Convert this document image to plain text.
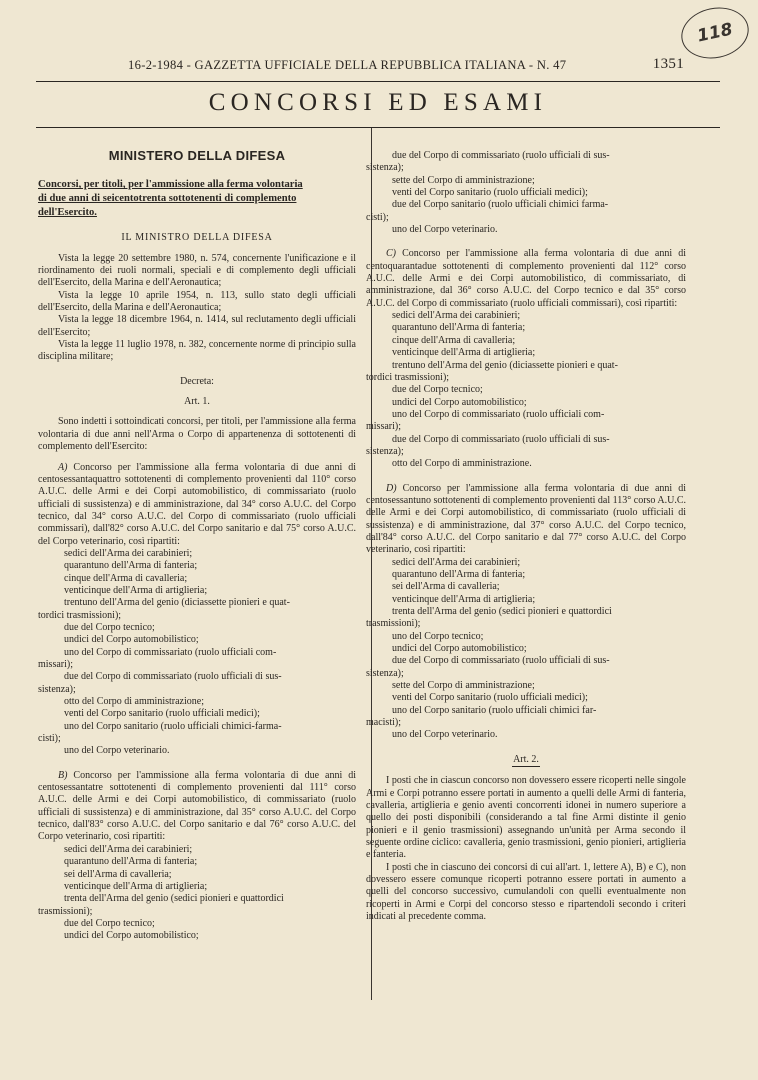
118
16-2-1984 - GAZZETTA UFFICIALE DELLA REPUBBLICA ITALIANA - N. 47	1351
CONCORSI ED ESAMI

MINISTERO DELLA DIFESA

Concorsi, per titoli, per l'ammissione alla ferma volontaria
di due anni di seicentotrenta sottotenenti di complemento
dell'Esercito.

IL MINISTRO DELLA DIFESA

Vista la legge 20 settembre 1980, n. 574, concernente l'unificazione e il riordinamento dei ruoli normali, speciali e di complemento degli ufficiali dell'Esercito, della Marina e dell'Aeronautica;

Vista la legge 10 aprile 1954, n. 113, sullo stato degli ufficiali dell'Esercito, della Marina e dell'Aeronautica;

Vista la legge 18 dicembre 1964, n. 1414, sul reclutamento degli ufficiali dell'Esercito;

Vista la legge 11 luglio 1978, n. 382, concernente norme di principio sulla disciplina militare;

Decreta:

Art. 1.

Sono indetti i sottoindicati concorsi, per titoli, per l'ammissione alla ferma volontaria di due anni nell'Arma o Corpo di appartenenza di sottotenenti di complemento dell'Esercito:

A) Concorso per l'ammissione alla ferma volontaria di due anni di centosessantaquattro sottotenenti di complemento provenienti dal 110° corso A.U.C. delle Armi e dei Corpi automobilistico, di commissariato (ruolo ufficiali di sussistenza) e di amministrazione, dal 34° corso A.U.C. del Corpo tecnico, dal 34° corso A.U.C. del Corpo di commissariato (ruolo ufficiali commissari), dall'82° corso A.U.C. del Corpo sanitario e dal 75° corso A.U.C. del Corpo veterinario, così ripartiti:

sedici dell'Arma dei carabinieri;

quarantuno dell'Arma di fanteria;

cinque dell'Arma di cavalleria;

venticinque dell'Arma di artiglieria;

trentuno dell'Arma del genio (diciassette pionieri e quat-
tordici trasmissioni);

due del Corpo tecnico;

undici del Corpo automobilistico;

uno del Corpo di commissariato (ruolo ufficiali com-
missari);

due del Corpo di commissariato (ruolo ufficiali di sus-
sistenza);

otto del Corpo di amministrazione;

venti del Corpo sanitario (ruolo ufficiali medici);

uno del Corpo sanitario (ruolo ufficiali chimici-farma-
cisti);

uno del Corpo veterinario.

B) Concorso per l'ammissione alla ferma volontaria di due anni di centosessantatre sottotenenti di complemento provenienti dal 111° corso A.U.C. delle Armi e dei Corpi automobilistico, di commissariato (ruolo ufficiali di sussistenza) e di amministrazione, dal 35° corso A.U.C. del Corpo tecnico, dall'83° corso A.U.C. del Corpo sanitario e dal 76° corso A.U.C. del Corpo veterinario, così ripartiti:

sedici dell'Arma dei carabinieri;

quarantuno dell'Arma di fanteria;

sei dell'Arma di cavalleria;

venticinque dell'Arma di artiglieria;

trenta dell'Arma del genio (sedici pionieri e quattordici
trasmissioni);

due del Corpo tecnico;

undici del Corpo automobilistico;

due del Corpo di commissariato (ruolo ufficiali di sus-
sistenza);

sette del Corpo di amministrazione;

venti del Corpo sanitario (ruolo ufficiali medici);

due del Corpo sanitario (ruolo ufficiali chimici farma-
cisti);

uno del Corpo veterinario.

C) Concorso per l'ammissione alla ferma volontaria di due anni di centoquarantadue sottotenenti di complemento provenienti dal 112° corso A.U.C. delle Armi e dei Corpi automobilistico, di commissariato, di amministrazione, dal 36° corso A.U.C. del Corpo tecnico e dal 35° corso A.U.C. del Corpo di commissariato (ruolo ufficiali commissari), così ripartiti:

sedici dell'Arma dei carabinieri;

quarantuno dell'Arma di fanteria;

cinque dell'Arma di cavalleria;

venticinque dell'Arma di artiglieria;

trentuno dell'Arma del genio (diciassette pionieri e quat-
tordici trasmissioni);

due del Corpo tecnico;

undici del Corpo automobilistico;

uno del Corpo di commissariato (ruolo ufficiali com-
missari);

due del Corpo di commissariato (ruolo ufficiali di sus-
sistenza);

otto del Corpo di amministrazione.

D) Concorso per l'ammissione alla ferma volontaria di due anni di centosessantuno sottotenenti di complemento provenienti dal 113° corso A.U.C. delle Armi e dei Corpi automobilistico, di commissariato (ruolo ufficiali di sussistenza) e di amministrazione, dal 37° corso A.U.C. del Corpo tecnico, dall'84° corso A.U.C. del Corpo sanitario e dal 77° corso A.U.C. del Corpo veterinario, così ripartiti:

sedici dell'Arma dei carabinieri;

quarantuno dell'Arma di fanteria;

sei dell'Arma di cavalleria;

venticinque dell'Arma di artiglieria;

trenta dell'Arma del genio (sedici pionieri e quattordici
trasmissioni);

uno del Corpo tecnico;

undici del Corpo automobilistico;

due del Corpo di commissariato (ruolo ufficiali di sus-
sistenza);

sette del Corpo di amministrazione;

venti del Corpo sanitario (ruolo ufficiali medici);

uno del Corpo sanitario (ruolo ufficiali chimici far-
macisti);

uno del Corpo veterinario.

Art. 2.

I posti che in ciascun concorso non dovessero essere ricoperti nelle singole Armi e Corpi potranno essere portati in aumento a quelli delle Armi di fanteria, cavalleria, artiglieria e genio aventi concorrenti idonei in numero superiore a quello dei posti disponibili (considerando a tal fine Armi distinte il genio pionieri e il genio trasmissioni) assegnando un'unità per Arma secondo il seguente ordine ciclico: cavalleria, genio trasmissioni, genio pionieri, artiglieria e fanteria.

I posti che in ciascuno dei concorsi di cui all'art. 1, lettere A), B) e C), non dovessero essere comunque ricoperti potranno essere portati in aumento a quelli del concorso successivo, cumulandoli con quelli eventualmente non ricoperti in Armi e Corpi del concorso stesso e ripartendoli secondo i criteri indicati al precedente comma.
